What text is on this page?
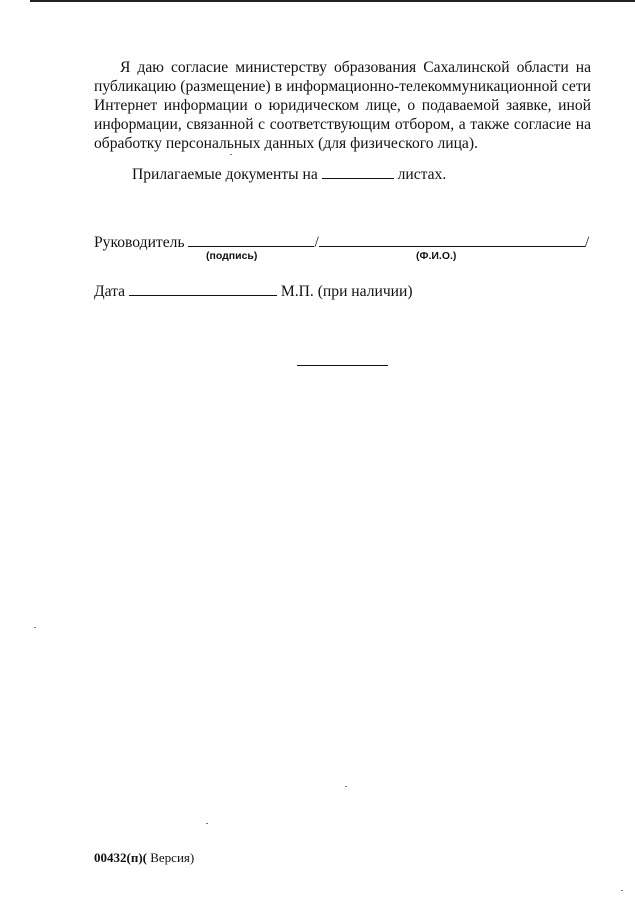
Я даю согласие министерству образования Сахалинской области на публикацию (размещение) в информационно-телекоммуникационной сети Интернет информации о юридическом лице, о подаваемой заявке, иной информации, связанной с соответствующим отбором, а также согласие на обработку персональных данных (для физического лица).

Прилагаемые документы на	листах.
Руководитель	/	/
(подпись)	(Ф.И.О.)
Дата	М.П. (при наличии)
00432(п)( Версия)
